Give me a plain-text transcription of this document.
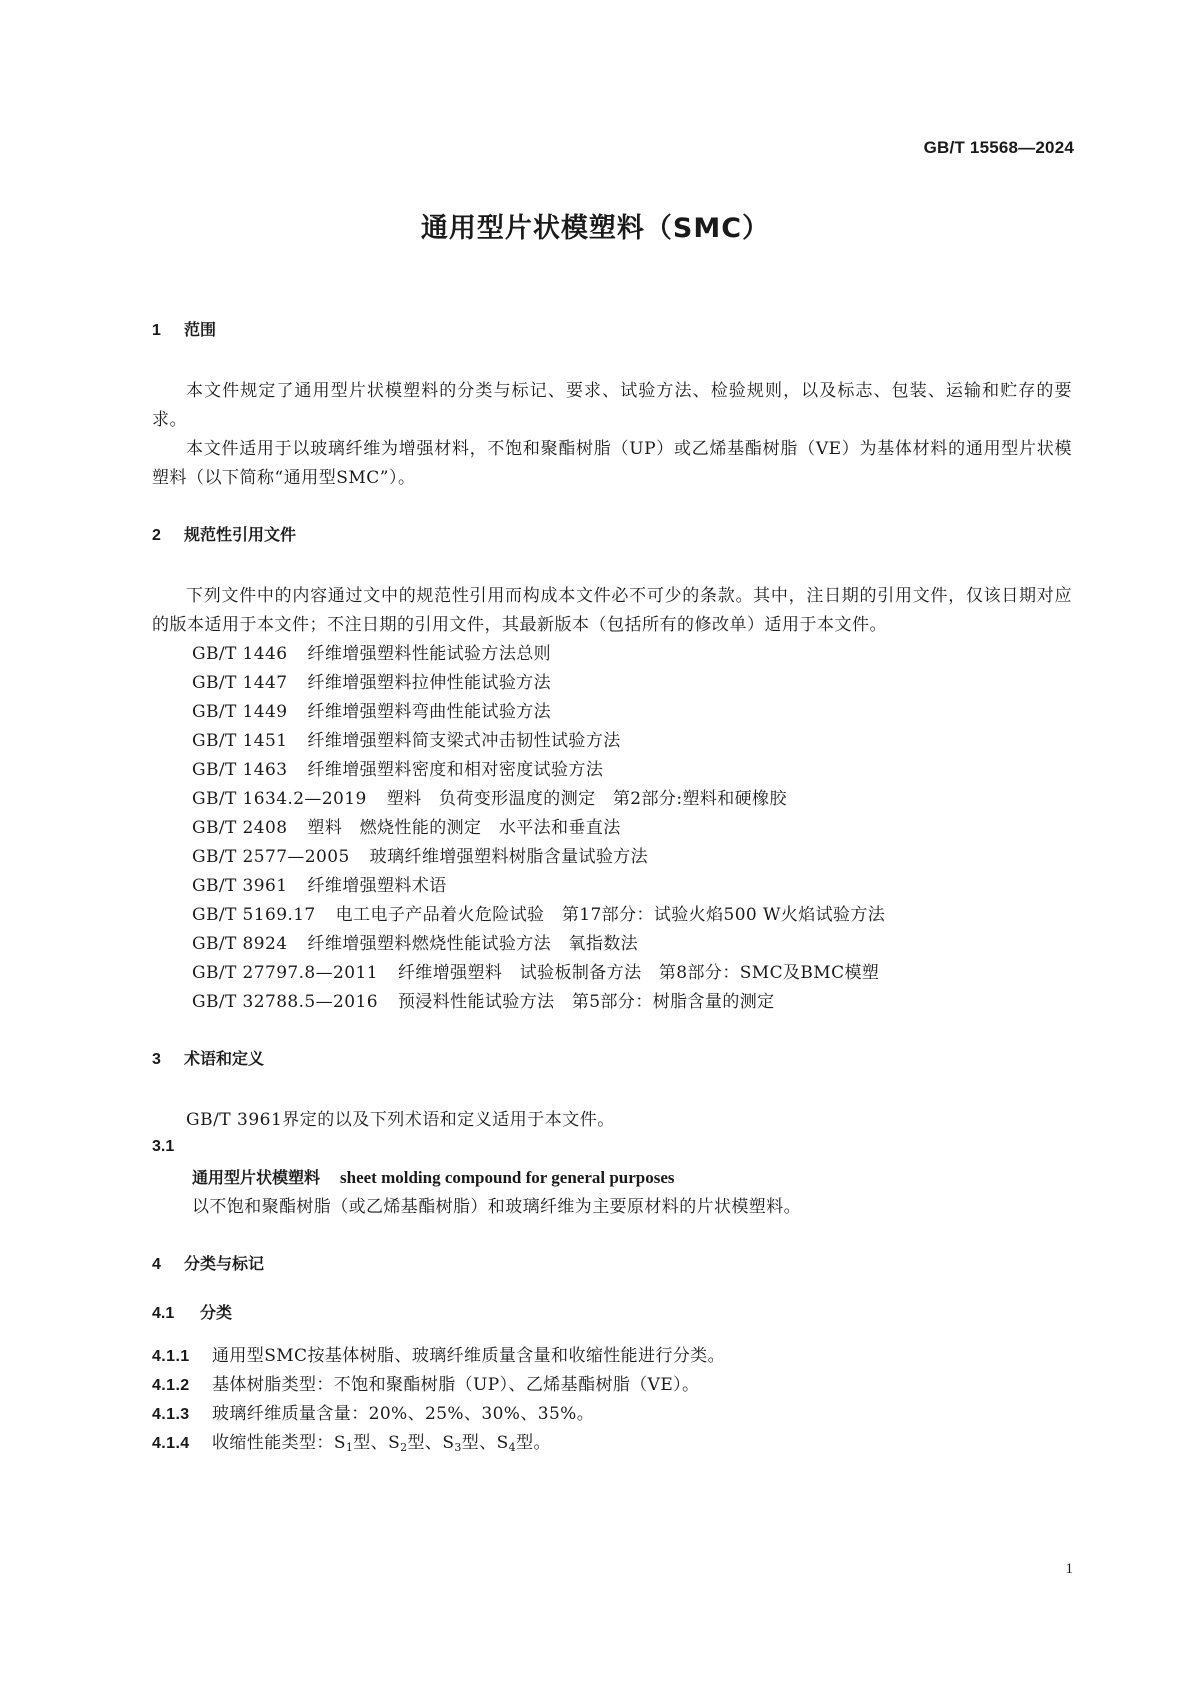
GB/T 15568—2024
通用型片状模塑料（SMC）
1 范围

本文件规定了通用型片状模塑料的分类与标记、要求、试验方法、检验规则，以及标志、包装、运输和贮存的要求。

本文件适用于以玻璃纤维为增强材料，不饱和聚酯树脂（UP）或乙烯基酯树脂（VE）为基体材料的通用型片状模塑料（以下简称“通用型SMC”）。

2 规范性引用文件

下列文件中的内容通过文中的规范性引用而构成本文件必不可少的条款。其中，注日期的引用文件，仅该日期对应的版本适用于本文件；不注日期的引用文件，其最新版本（包括所有的修改单）适用于本文件。

GB/T 1446 纤维增强塑料性能试验方法总则
GB/T 1447 纤维增强塑料拉伸性能试验方法
GB/T 1449 纤维增强塑料弯曲性能试验方法
GB/T 1451 纤维增强塑料简支梁式冲击韧性试验方法
GB/T 1463 纤维增强塑料密度和相对密度试验方法
GB/T 1634.2—2019 塑料　负荷变形温度的测定　第2部分:塑料和硬橡胶
GB/T 2408 塑料　燃烧性能的测定　水平法和垂直法
GB/T 2577—2005 玻璃纤维增强塑料树脂含量试验方法
GB/T 3961 纤维增强塑料术语
GB/T 5169.17 电工电子产品着火危险试验　第17部分：试验火焰500 W火焰试验方法
GB/T 8924 纤维增强塑料燃烧性能试验方法　氧指数法
GB/T 27797.8—2011 纤维增强塑料　试验板制备方法　第8部分：SMC及BMC模塑
GB/T 32788.5—2016 预浸料性能试验方法　第5部分：树脂含量的测定
3 术语和定义

GB/T 3961界定的以及下列术语和定义适用于本文件。

3.1
通用型片状模塑料 sheet molding compound for general purposes
以不饱和聚酯树脂（或乙烯基酯树脂）和玻璃纤维为主要原材料的片状模塑料。
4 分类与标记
4.1 分类
4.1.1 通用型SMC按基体树脂、玻璃纤维质量含量和收缩性能进行分类。
4.1.2 基体树脂类型：不饱和聚酯树脂（UP）、乙烯基酯树脂（VE）。
4.1.3 玻璃纤维质量含量：20%、25%、30%、35%。
4.1.4 收缩性能类型：$S_1$型、$S_2$型、$S_3$型、$S_4$型。
1
